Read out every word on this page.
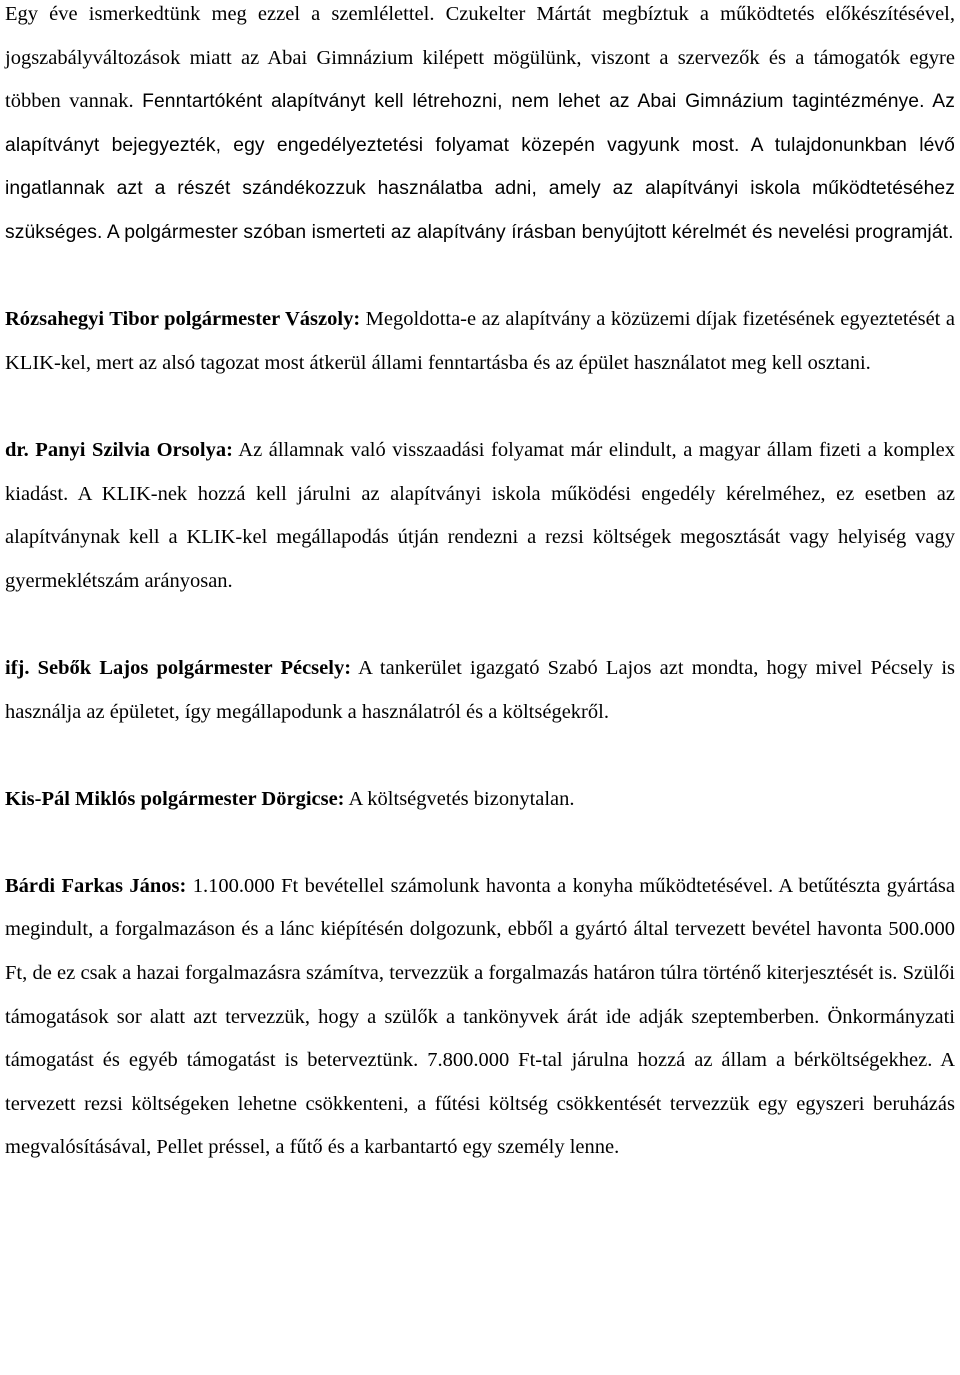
Egy éve ismerkedtünk meg ezzel a szemlélettel. Czukelter Mártát megbíztuk a működtetés előkészítésével, jogszabályváltozások miatt az Abai Gimnázium kilépett mögülünk, viszont a szervezők és a támogatók egyre többen vannak. Fenntartóként alapítványt kell létrehozni, nem lehet az Abai Gimnázium tagintézménye. Az alapítványt bejegyezték, egy engedélyeztetési folyamat közepén vagyunk most. A tulajdonunkban lévő ingatlannak azt a részét szándékozzuk használatba adni, amely az alapítványi iskola működtetéséhez szükséges. A polgármester szóban ismerteti az alapítvány írásban benyújtott kérelmét és nevelési programját.

Rózsahegyi Tibor polgármester Vászoly: Megoldotta-e az alapítvány a közüzemi díjak fizetésének egyeztetését a KLIK-kel, mert az alsó tagozat most átkerül állami fenntartásba és az épület használatot meg kell osztani.

dr. Panyi Szilvia Orsolya: Az államnak való visszaadási folyamat már elindult, a magyar állam fizeti a komplex kiadást. A KLIK-nek hozzá kell járulni az alapítványi iskola működési engedély kérelméhez, ez esetben az alapítványnak kell a KLIK-kel megállapodás útján rendezni a rezsi költségek megosztását vagy helyiség vagy gyermeklétszám arányosan.

ifj. Sebők Lajos polgármester Pécsely: A tankerület igazgató Szabó Lajos azt mondta, hogy mivel Pécsely is használja az épületet, így megállapodunk a használatról és a költségekről.

Kis-Pál Miklós polgármester Dörgicse: A költségvetés bizonytalan.

Bárdi Farkas János: 1.100.000 Ft bevétellel számolunk havonta a konyha működtetésével. A betűtészta gyártása megindult, a forgalmazáson és a lánc kiépítésén dolgozunk, ebből a gyártó által tervezett bevétel havonta 500.000 Ft, de ez csak a hazai forgalmazásra számítva, tervezzük a forgalmazás határon túlra történő kiterjesztését is. Szülői támogatások sor alatt azt tervezzük, hogy a szülők a tankönyvek árát ide adják szeptemberben. Önkormányzati támogatást és egyéb támogatást is beterveztünk. 7.800.000 Ft-tal járulna hozzá az állam a bérköltségekhez. A tervezett rezsi költségeken lehetne csökkenteni, a fűtési költség csökkentését tervezzük egy egyszeri beruházás megvalósításával, Pellet préssel, a fűtő és a karbantartó egy személy lenne.
